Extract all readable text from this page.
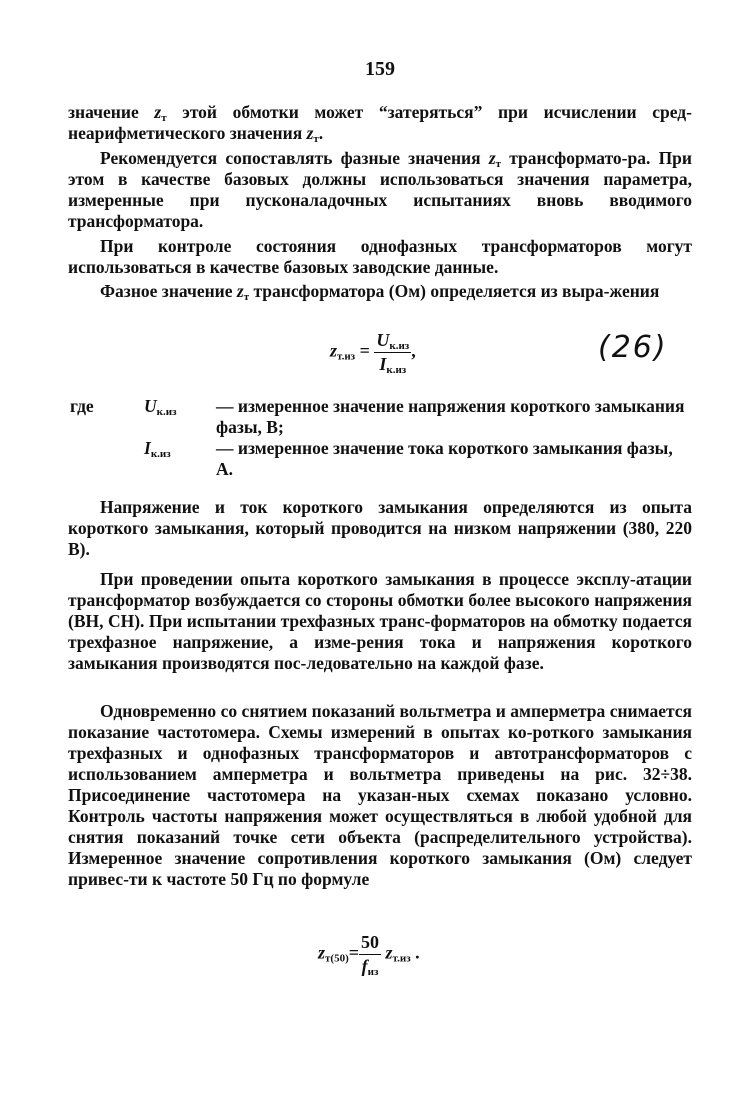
159

значение $z_т$ этой обмотки может “затеряться” при исчислении сред-неарифметического значения $z_т$.

Рекомендуется сопоставлять фазные значения $z_т$ трансформато-ра. При этом в качестве базовых должны использоваться значения параметра, измеренные при пусконаладочных испытаниях вновь вводимого трансформатора.

При контроле состояния однофазных трансформаторов могут использоваться в качестве базовых заводские данные.

Фазное значение $z_т$ трансформатора (Ом) определяется из выра-жения

$z_{т.из} = \frac{U_{к.из}}{I_{к.из}}$ ,	(26)
где	$U_{к.из}$ — измеренное значение напряжения короткого замыкания фазы, В;
$I_{к.из}$	— измеренное значение тока короткого замыкания фазы, А.

Напряжение и ток короткого замыкания определяются из опыта короткого замыкания, который проводится на низком напряжении (380, 220 В).

При проведении опыта короткого замыкания в процессе эксплу-атации трансформатор возбуждается со стороны обмотки более высокого напряжения (ВН, СН). При испытании трехфазных транс-форматоров на обмотку подается трехфазное напряжение, а изме-рения тока и напряжения короткого замыкания производятся пос-ледовательно на каждой фазе.

Одновременно со снятием показаний вольтметра и амперметра снимается показание частотомера. Схемы измерений в опытах ко-роткого замыкания трехфазных и однофазных трансформаторов и автотрансформаторов с использованием амперметра и вольтметра приведены на рис. 32÷38. Присоединение частотомера на указан-ных схемах показано условно. Контроль частоты напряжения может осуществляться в любой удобной для снятия показаний точке сети объекта (распределительного устройства). Измеренное значение сопротивления короткого замыкания (Ом) следует привес-ти к частоте 50 Гц по формуле

$z_{т(50)}= \frac{50}{f_{из}} z_{т.из}$ .
